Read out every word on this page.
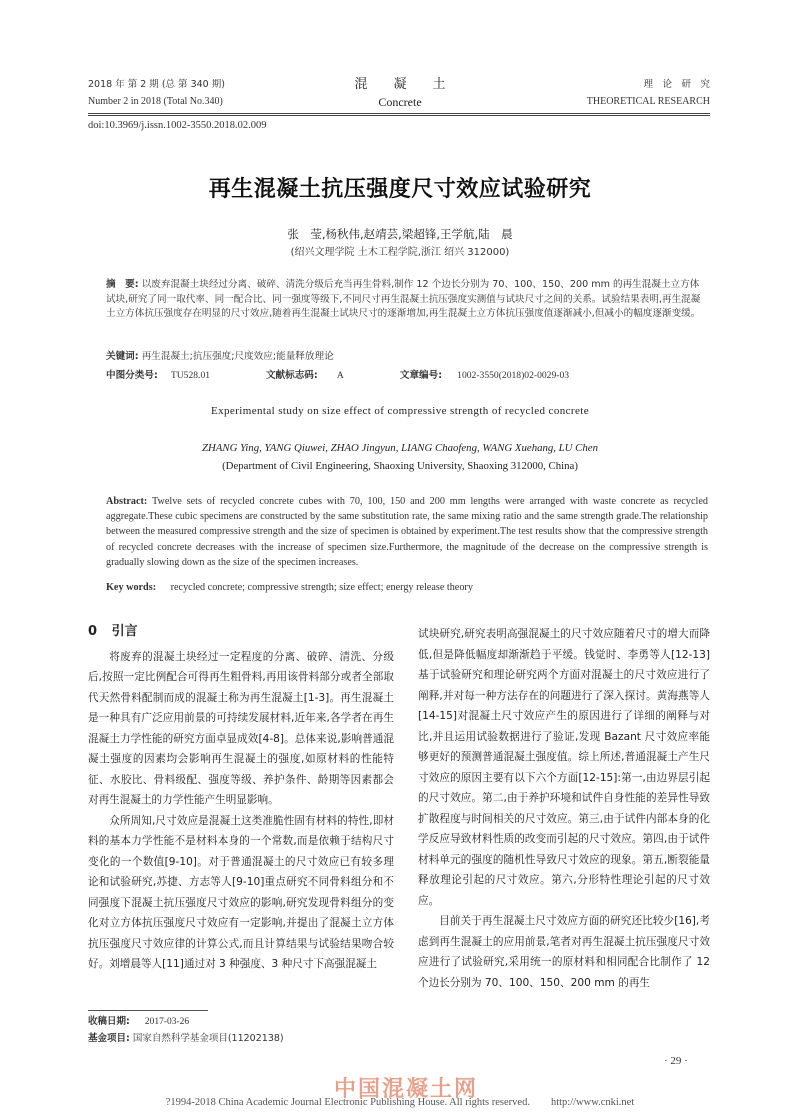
2018 年 第 2 期 (总 第 340 期)
Number 2 in 2018 (Total No.340)
混　　凝　　土
Concrete
理　论　研　究
THEORETICAL RESEARCH
doi:10.3969/j.issn.1002-3550.2018.02.009
再生混凝土抗压强度尺寸效应试验研究
张　莹,杨秋伟,赵靖芸,梁超锋,王学航,陆　晨
(绍兴文理学院 土木工程学院,浙江 绍兴 312000)
摘　要: 以废弃混凝土块经过分离、破碎、清洗分级后充当再生骨料,制作 12 个边长分别为 70、100、150、200 mm 的再生混凝土立方体试块,研究了同一取代率、同一配合比、同一强度等级下,不同尺寸再生混凝土抗压强度实测值与试块尺寸之间的关系。试验结果表明,再生混凝土立方体抗压强度存在明显的尺寸效应,随着再生混凝土试块尺寸的逐渐增加,再生混凝土立方体抗压强度值逐渐减小,但减小的幅度逐渐变缓。
关键词: 再生混凝土;抗压强度;尺度效应;能量释放理论
中图分类号: TU528.01	文献标志码: A	文章编号: 1002-3550(2018)02-0029-03
Experimental study on size effect of compressive strength of recycled concrete
ZHANG Ying, YANG Qiuwei, ZHAO Jingyun, LIANG Chaofeng, WANG Xuehang, LU Chen
(Department of Civil Engineering, Shaoxing University, Shaoxing 312000, China)
Abstract: Twelve sets of recycled concrete cubes with 70, 100, 150 and 200 mm lengths were arranged with waste concrete as recycled aggregate.These cubic specimens are constructed by the same substitution rate, the same mixing ratio and the same strength grade.The relationship between the measured compressive strength and the size of specimen is obtained by experiment.The test results show that the compressive strength of recycled concrete decreases with the increase of specimen size.Furthermore, the magnitude of the decrease on the compressive strength is gradually slowing down as the size of the specimen increases.
Key words: recycled concrete; compressive strength; size effect; energy release theory
0 引言
将废弃的混凝土块经过一定程度的分离、破碎、清洗、分级后,按照一定比例配合可得再生粗骨料,再用该骨料部分或者全部取代天然骨料配制而成的混凝土称为再生混凝土[1-3]。再生混凝土是一种具有广泛应用前景的可持续发展材料,近年来,各学者在再生混凝土力学性能的研究方面卓显成效[4-8]。总体来说,影响普通混凝土强度的因素均会影响再生混凝土的强度,如原材料的性能特征、水胶比、骨料级配、强度等级、养护条件、龄期等因素都会对再生混凝土的力学性能产生明显影响。
众所周知,尺寸效应是混凝土这类准脆性固有材料的特性,即材料的基本力学性能不是材料本身的一个常数,而是依赖于结构尺寸变化的一个数值[9-10]。对于普通混凝土的尺寸效应已有较多理论和试验研究,苏捷、方志等人[9-10]重点研究不同骨料组分和不同强度下混凝土抗压强度尺寸效应的影响,研究发现骨料组分的变化对立方体抗压强度尺寸效应有一定影响,并提出了混凝土立方体抗压强度尺寸效应律的计算公式,而且计算结果与试验结果吻合较好。刘增晨等人[11]通过对 3 种强度、3 种尺寸下高强混凝土
收稿日期: 2017-03-26
基金项目: 国家自然科学基金项目(11202138)
试块研究,研究表明高强混凝土的尺寸效应随着尺寸的增大而降低,但是降低幅度却渐渐趋于平缓。钱觉时、李勇等人[12-13]基于试验研究和理论研究两个方面对混凝土的尺寸效应进行了阐释,并对每一种方法存在的问题进行了深入探讨。黄海燕等人[14-15]对混凝土尺寸效应产生的原因进行了详细的阐释与对比,并且运用试验数据进行了验证,发现 Bazant 尺寸效应率能够更好的预测普通混凝土强度值。综上所述,普通混凝土产生尺寸效应的原因主要有以下六个方面[12-15]:第一,由边界层引起的尺寸效应。第二,由于养护环境和试件自身性能的差异性导致扩散程度与时间相关的尺寸效应。第三,由于试件内部本身的化学反应导致材料性质的改变而引起的尺寸效应。第四,由于试件材料单元的强度的随机性导致尺寸效应的现象。第五,断裂能量释放理论引起的尺寸效应。第六,分形特性理论引起的尺寸效应。
目前关于再生混凝土尺寸效应方面的研究还比较少[16],考虑到再生混凝土的应用前景,笔者对再生混凝土抗压强度尺寸效应进行了试验研究,采用统一的原材料和相同配合比制作了 12 个边长分别为 70、100、150、200 mm 的再生
· 29 ·
中国混凝土网
?1994-2018 China Academic Journal Electronic Publishing House. All rights reserved.　　http://www.cnki.net
